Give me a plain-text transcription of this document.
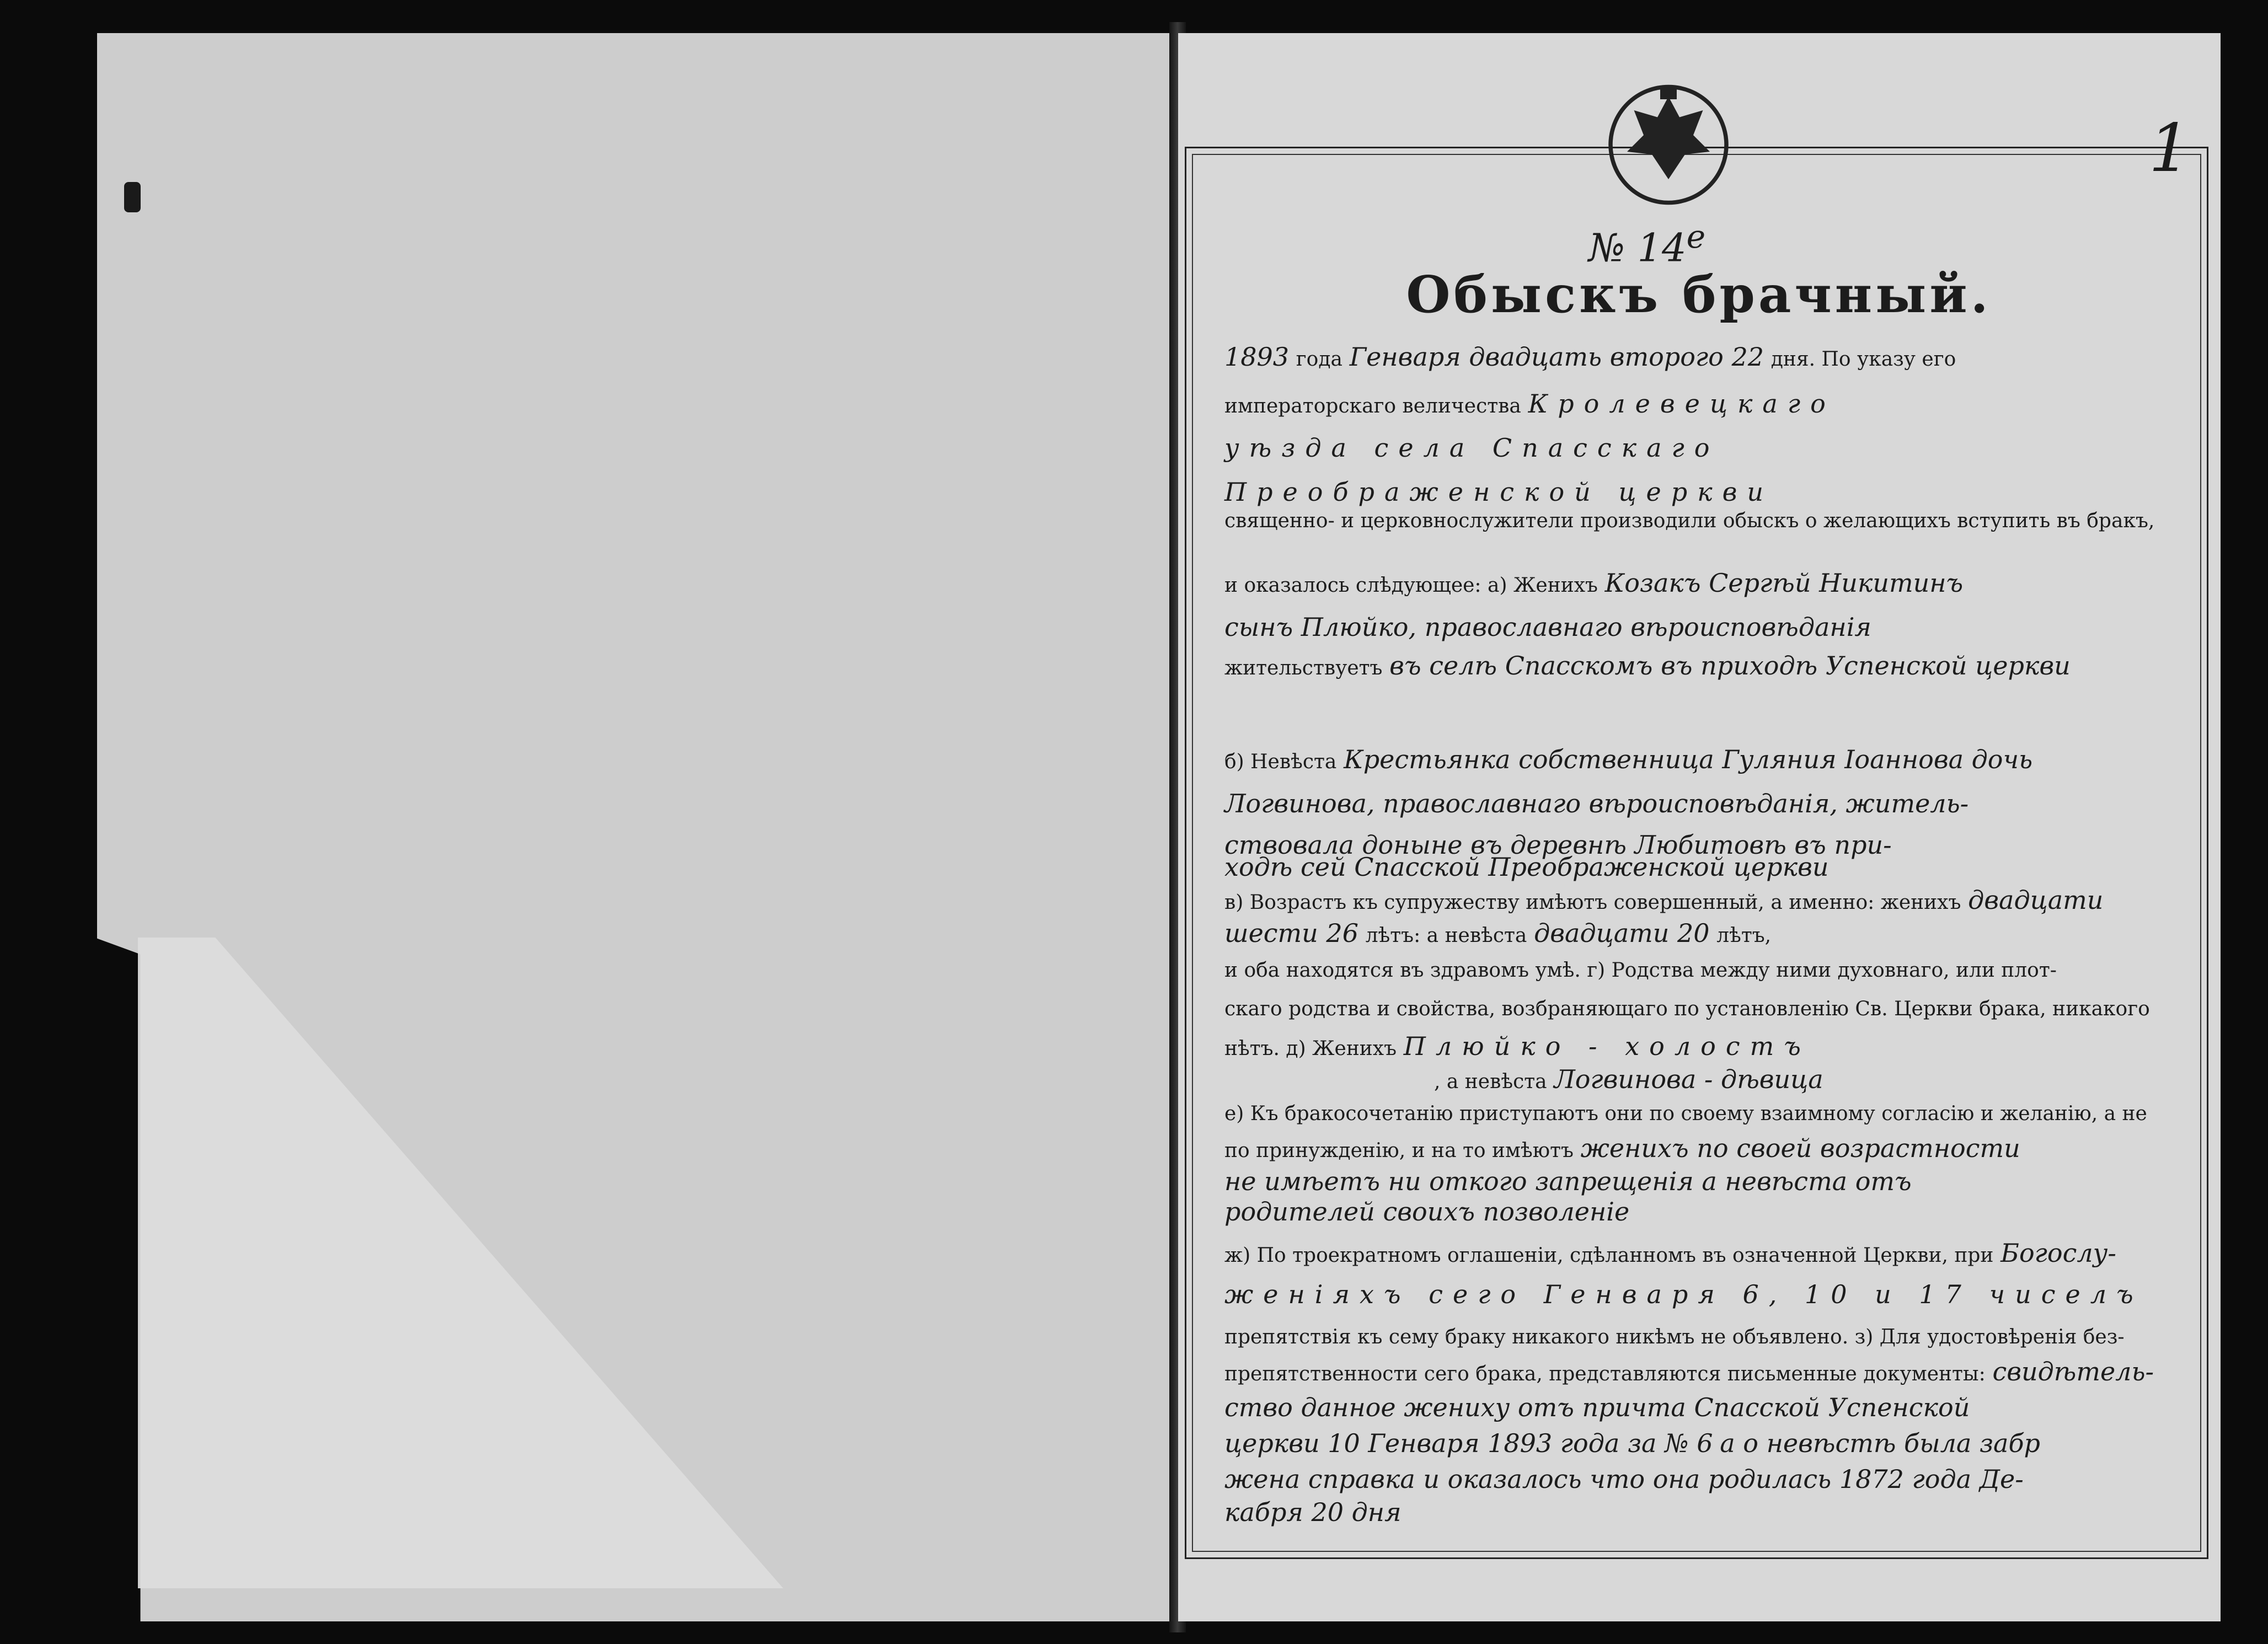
1
№ $14^е$
Обыскъ брачный.
1893 года Генваря двадцать второго 22 дня. По указу его
императорскаго величества Кролевецкаго
уѣзда села Спасскаго
Преображенской церкви
священно- и церковнослужители производили обыскъ о желающихъ вступить въ бракъ,
и оказалось слѣдующее: а) Женихъ Козакъ Сергѣй Никитинъ
сынъ Плюйко, православнаго вѣроисповѣданія
жительствуетъ въ селѣ Спасскомъ въ приходѣ Успенской церкви
б) Невѣста Крестьянка собственница Гуляния Іоаннова дочь
Логвинова, православнаго вѣроисповѣданія, житель-
ствовала доныне въ деревнѣ Любитовѣ въ при-
ходѣ сей Спасской Преображенской церкви
в) Возрастъ къ супружеству имѣютъ совершенный, а именно: женихъ двадцати
шести 26 лѣтъ: а невѣста двадцати 20 лѣтъ,
и оба находятся въ здравомъ умѣ. г) Родства между ними духовнаго, или плот-
скаго родства и свойства, возбраняющаго по установленію Св. Церкви брака, никакого
нѣтъ. д) Женихъ Плюйко - холостъ
, а невѣста Логвинова - дѣвица
е) Къ бракосочетанію приступаютъ они по своему взаимному согласію и желанію, а не
по принужденію, и на то имѣютъ женихъ по своей возрастности
не имѣетъ ни откого запрещенія а невѣста отъ
родителей своихъ позволеніе
ж) По троекратномъ оглашеніи, сдѣланномъ въ означенной Церкви, при Богослу-
женіяхъ сего Генваря 6, 10 и 17 чиселъ
препятствія къ сему браку никакого никѣмъ не объявлено. з) Для удостовѣренія без-
препятственности сего брака, представляются письменные документы: свидѣтель-
ство данное жениху отъ причта Спасской Успенской
церкви 10 Генваря 1893 года за № 6 а о невѣстѣ была забр
жена справка и оказалось что она родилась 1872 года Де-
кабря 20 дня
